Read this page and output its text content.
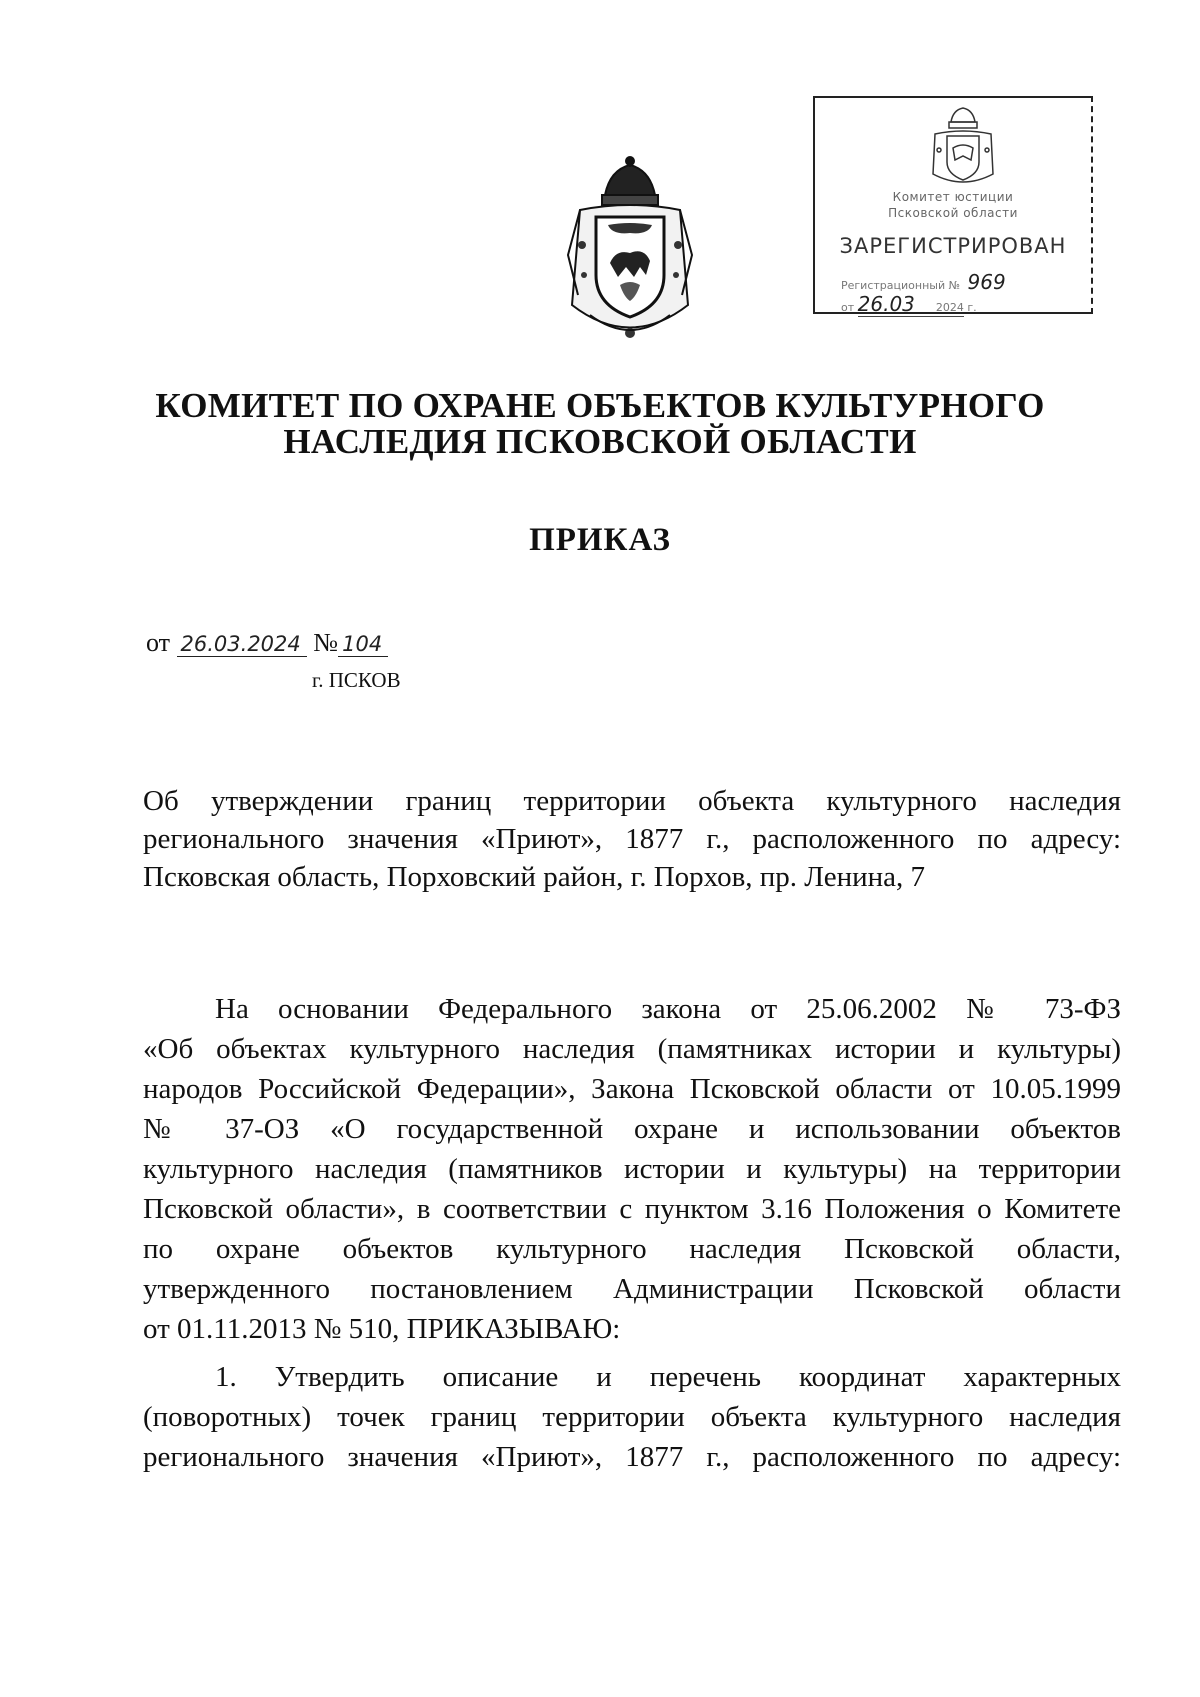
Комитет юстиции
Псковской области
ЗАРЕГИСТРИРОВАН
Регистрационный № 969
от 26.03 2024 г.
КОМИТЕТ ПО ОХРАНЕ ОБЪЕКТОВ КУЛЬТУРНОГО
НАСЛЕДИЯ ПСКОВСКОЙ ОБЛАСТИ
ПРИКАЗ
от 26.03.2024 № 104
г. ПСКОВ
Об утверждении границ территории объекта культурного наследия
регионального значения «Приют», 1877 г., расположенного по адресу:
Псковская область, Порховский район, г. Порхов, пр. Ленина, 7
На основании Федерального закона от 25.06.2002 № 73-ФЗ
«Об объектах культурного наследия (памятниках истории и культуры)
народов Российской Федерации», Закона Псковской области от 10.05.1999
№ 37-ОЗ «О государственной охране и использовании объектов
культурного наследия (памятников истории и культуры) на территории
Псковской области», в соответствии с пунктом 3.16 Положения о Комитете
по охране объектов культурного наследия Псковской области,
утвержденного постановлением Администрации Псковской области
от 01.11.2013 № 510, ПРИКАЗЫВАЮ:
1. Утвердить описание и перечень координат характерных
(поворотных) точек границ территории объекта культурного наследия
регионального значения «Приют», 1877 г., расположенного по адресу:
